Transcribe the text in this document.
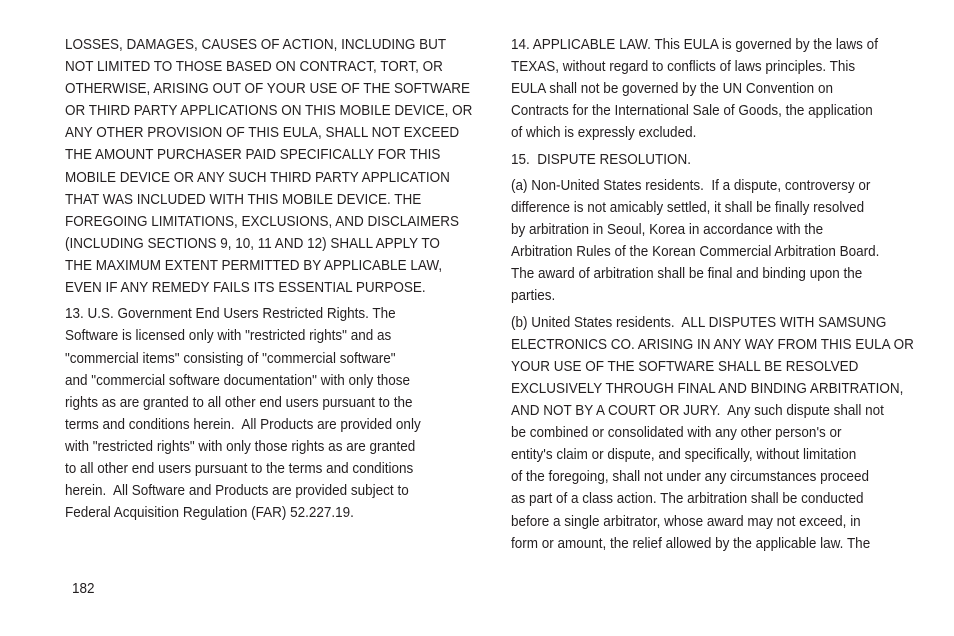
LOSSES, DAMAGES, CAUSES OF ACTION, INCLUDING BUT
NOT LIMITED TO THOSE BASED ON CONTRACT, TORT, OR
OTHERWISE, ARISING OUT OF YOUR USE OF THE SOFTWARE
OR THIRD PARTY APPLICATIONS ON THIS MOBILE DEVICE, OR
ANY OTHER PROVISION OF THIS EULA, SHALL NOT EXCEED
THE AMOUNT PURCHASER PAID SPECIFICALLY FOR THIS
MOBILE DEVICE OR ANY SUCH THIRD PARTY APPLICATION
THAT WAS INCLUDED WITH THIS MOBILE DEVICE. THE
FOREGOING LIMITATIONS, EXCLUSIONS, AND DISCLAIMERS
(INCLUDING SECTIONS 9, 10, 11 AND 12) SHALL APPLY TO
THE MAXIMUM EXTENT PERMITTED BY APPLICABLE LAW,
EVEN IF ANY REMEDY FAILS ITS ESSENTIAL PURPOSE.
13. U.S. Government End Users Restricted Rights. The
Software is licensed only with "restricted rights" and as
"commercial items" consisting of "commercial software"
and "commercial software documentation" with only those
rights as are granted to all other end users pursuant to the
terms and conditions herein.  All Products are provided only
with "restricted rights" with only those rights as are granted
to all other end users pursuant to the terms and conditions
herein.  All Software and Products are provided subject to
Federal Acquisition Regulation (FAR) 52.227.19.
14. APPLICABLE LAW. This EULA is governed by the laws of
TEXAS, without regard to conflicts of laws principles. This
EULA shall not be governed by the UN Convention on
Contracts for the International Sale of Goods, the application
of which is expressly excluded.
15.  DISPUTE RESOLUTION.
(a) Non-United States residents.  If a dispute, controversy or
difference is not amicably settled, it shall be finally resolved
by arbitration in Seoul, Korea in accordance with the
Arbitration Rules of the Korean Commercial Arbitration Board.
The award of arbitration shall be final and binding upon the
parties.
(b) United States residents.  ALL DISPUTES WITH SAMSUNG
ELECTRONICS CO. ARISING IN ANY WAY FROM THIS EULA OR
YOUR USE OF THE SOFTWARE SHALL BE RESOLVED
EXCLUSIVELY THROUGH FINAL AND BINDING ARBITRATION,
AND NOT BY A COURT OR JURY.  Any such dispute shall not
be combined or consolidated with any other person's or
entity's claim or dispute, and specifically, without limitation
of the foregoing, shall not under any circumstances proceed
as part of a class action. The arbitration shall be conducted
before a single arbitrator, whose award may not exceed, in
form or amount, the relief allowed by the applicable law. The
182
